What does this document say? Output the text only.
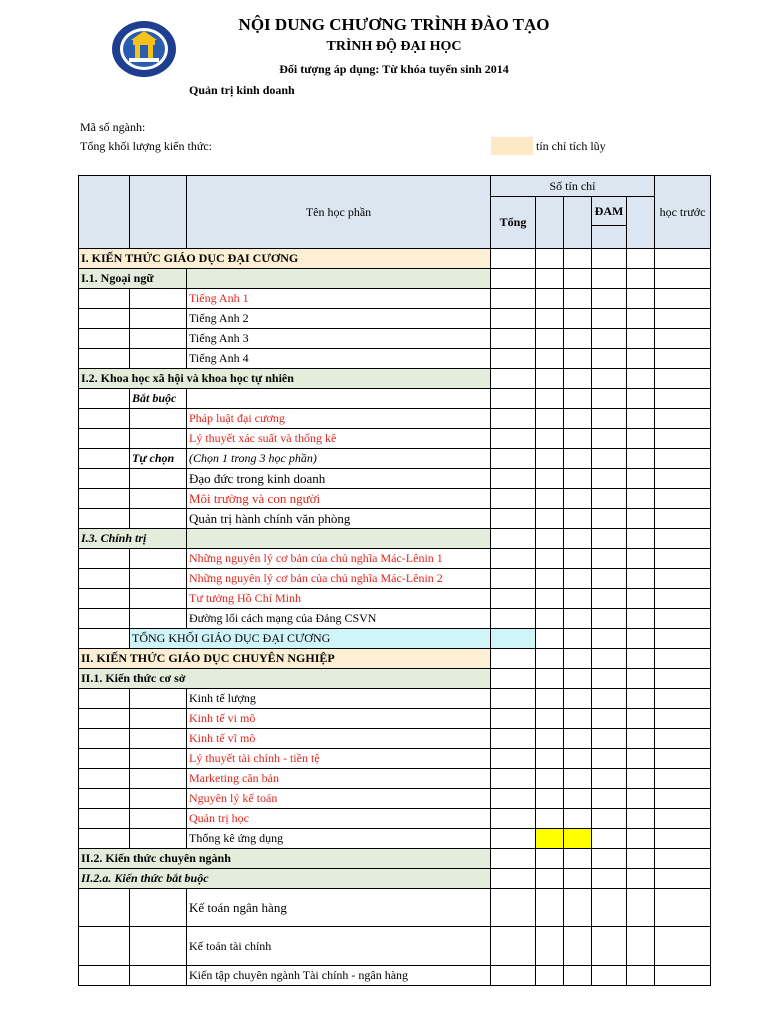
NỘI DUNG CHƯƠNG TRÌNH ĐÀO TẠO
TRÌNH ĐỘ ĐẠI HỌC
Đối tượng áp dụng: Từ khóa tuyển sinh 2014
Quản trị kinh doanh
Mã số ngành:
Tổng khối lượng kiến thức:	tín chỉ tích lũy
		Tên học phần	Số tín chỉ					học trước
			Tổng			ĐAM		

I. KIẾN THỨC GIÁO DỤC ĐẠI CƯƠNG								
I.1. Ngoại ngữ								
		Tiếng Anh 1						
		Tiếng Anh 2						
		Tiếng Anh 3						
		Tiếng Anh 4						
I.2. Khoa học xã hội và khoa học tự nhiên								
	Bắt buộc							
		Pháp luật đại cương						
		Lý thuyết xác suất và thống kê						
	Tự chọn	(Chọn 1 trong 3 học phần)						
		Đạo đức trong kinh doanh						
		Môi trường và con người						
		Quản trị hành chính văn phòng						
I.3. Chính trị								
		Những nguyên lý cơ bản của chủ nghĩa Mác-Lênin 1						
		Những nguyên lý cơ bản của chủ nghĩa Mác-Lênin 2						
		Tư tưởng Hồ Chí Minh						
		Đường lối cách mạng của Đảng CSVN						
	TỔNG KHỐI GIÁO DỤC ĐẠI CƯƠNG							
II. KIẾN THỨC GIÁO DỤC CHUYÊN NGHIỆP								
II.1. Kiến thức cơ sở								
		Kinh tế lượng						
		Kinh tế vi mô						
		Kinh tế vĩ mô						
		Lý thuyết tài chính - tiền tệ						
		Marketing căn bản						
		Nguyên lý kế toán						
		Quản trị học						
		Thống kê ứng dụng						
II.2. Kiến thức chuyên ngành								
II.2.a. Kiến thức bắt buộc								
		Kế toán ngân hàng						
		Kế toán tài chính						
		Kiến tập chuyên ngành Tài chính - ngân hàng						
